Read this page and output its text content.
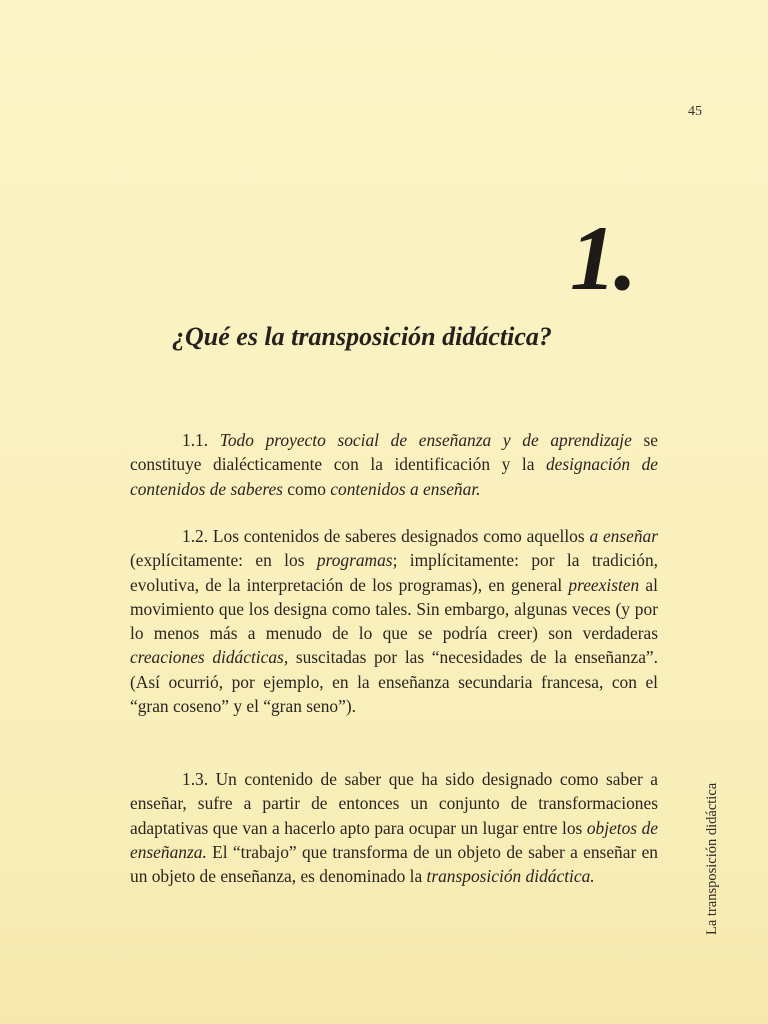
45
1.
¿Qué es la transposición didáctica?

1.1. Todo proyecto social de enseñanza y de aprendizaje se constituye dialécticamente con la identificación y la designación de contenidos de saberes como contenidos a enseñar.

1.2. Los contenidos de saberes designados como aquellos a enseñar (explícitamente: en los programas; implícitamente: por la tradición, evolutiva, de la interpretación de los programas), en general preexisten al movimiento que los designa como tales. Sin embargo, algunas veces (y por lo menos más a menudo de lo que se podría creer) son verdaderas creaciones didácticas, suscitadas por las “necesidades de la enseñanza”. (Así ocurrió, por ejemplo, en la enseñanza secundaria francesa, con el “gran coseno” y el “gran seno”).

1.3. Un contenido de saber que ha sido designado como saber a enseñar, sufre a partir de entonces un conjunto de transformaciones adaptativas que van a hacerlo apto para ocupar un lugar entre los objetos de enseñanza. El “trabajo” que transforma de un objeto de saber a enseñar en un objeto de enseñanza, es denominado la transposición didáctica.	La transposición didáctica
